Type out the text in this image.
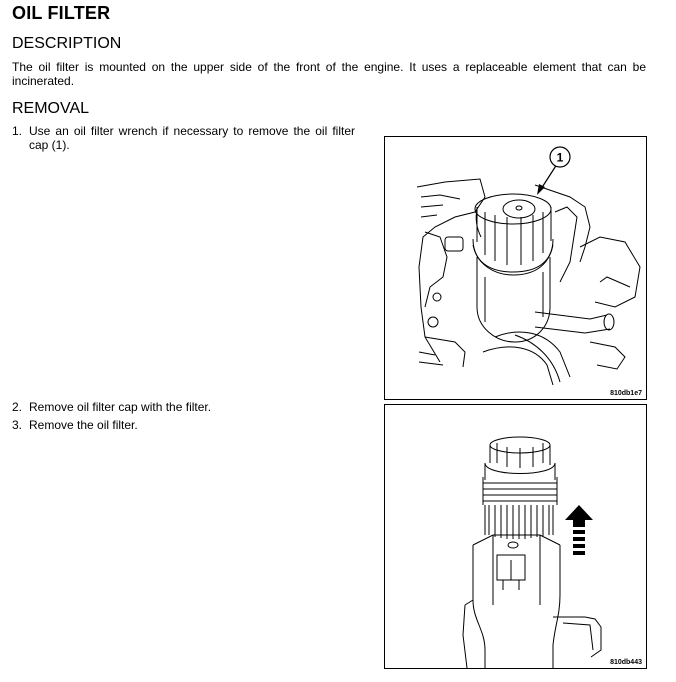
OIL FILTER
DESCRIPTION
The oil filter is mounted on the upper side of the front of the engine. It uses a replaceable element that can be incinerated.
REMOVAL
1. Use an oil filter wrench if necessary to remove the oil filter cap (1).
2. Remove oil filter cap with the filter.
3. Remove the oil filter.
1
810db1e7
810db443
